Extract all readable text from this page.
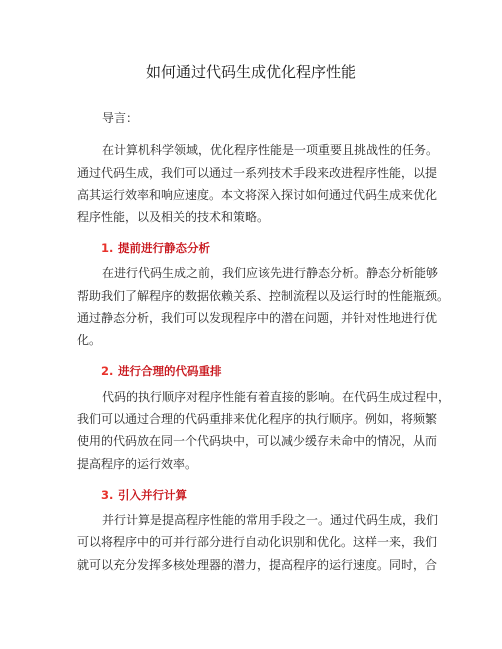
如何通过代码生成优化程序性能
导言：
在计算机科学领域，优化程序性能是一项重要且挑战性的任务。
通过代码生成，我们可以通过一系列技术手段来改进程序性能，以提
高其运行效率和响应速度。本文将深入探讨如何通过代码生成来优化
程序性能，以及相关的技术和策略。
1. 提前进行静态分析
在进行代码生成之前，我们应该先进行静态分析。静态分析能够
帮助我们了解程序的数据依赖关系、控制流程以及运行时的性能瓶颈。
通过静态分析，我们可以发现程序中的潜在问题，并针对性地进行优
化。
2. 进行合理的代码重排
代码的执行顺序对程序性能有着直接的影响。在代码生成过程中，
我们可以通过合理的代码重排来优化程序的执行顺序。例如，将频繁
使用的代码放在同一个代码块中，可以减少缓存未命中的情况，从而
提高程序的运行效率。
3. 引入并行计算
并行计算是提高程序性能的常用手段之一。通过代码生成，我们
可以将程序中的可并行部分进行自动化识别和优化。这样一来，我们
就可以充分发挥多核处理器的潜力，提高程序的运行速度。同时，合
